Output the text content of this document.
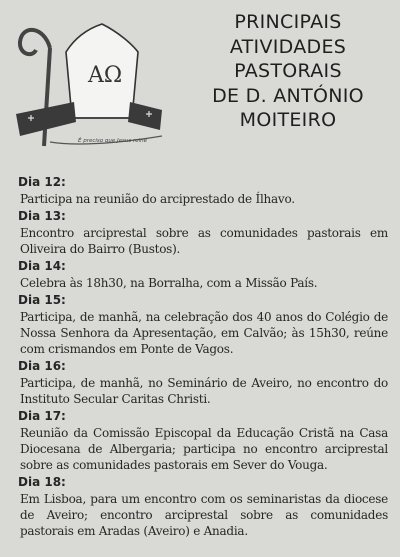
AΩ
É preciso que Jesus reine
PRINCIPAIS
ATIVIDADES
PASTORAIS
DE D. ANTÓNIO
MOITEIRO
Dia 12:
Participa na reunião do arciprestado de Ílhavo.
Dia 13:
Encontro arciprestal sobre as comunidades pastorais em Oliveira do Bairro (Bustos).
Dia 14:
Celebra às 18h30, na Borralha, com a Missão País.
Dia 15:
Participa, de manhã, na celebração dos 40 anos do Colégio de Nossa Senhora da Apresentação, em Calvão; às 15h30, reúne com crismandos em Ponte de Vagos.
Dia 16:
Participa, de manhã, no Seminário de Aveiro, no encontro do Instituto Secular Caritas Christi.
Dia 17:
Reunião da Comissão Episcopal da Educação Cristã na Casa Diocesana de Albergaria; participa no encontro arciprestal sobre as comunidades pastorais em Sever do Vouga.
Dia 18:
Em Lisboa, para um encontro com os seminaristas da diocese de Aveiro; encontro arciprestal sobre as comunidades pastorais em Aradas (Aveiro) e Anadia.
